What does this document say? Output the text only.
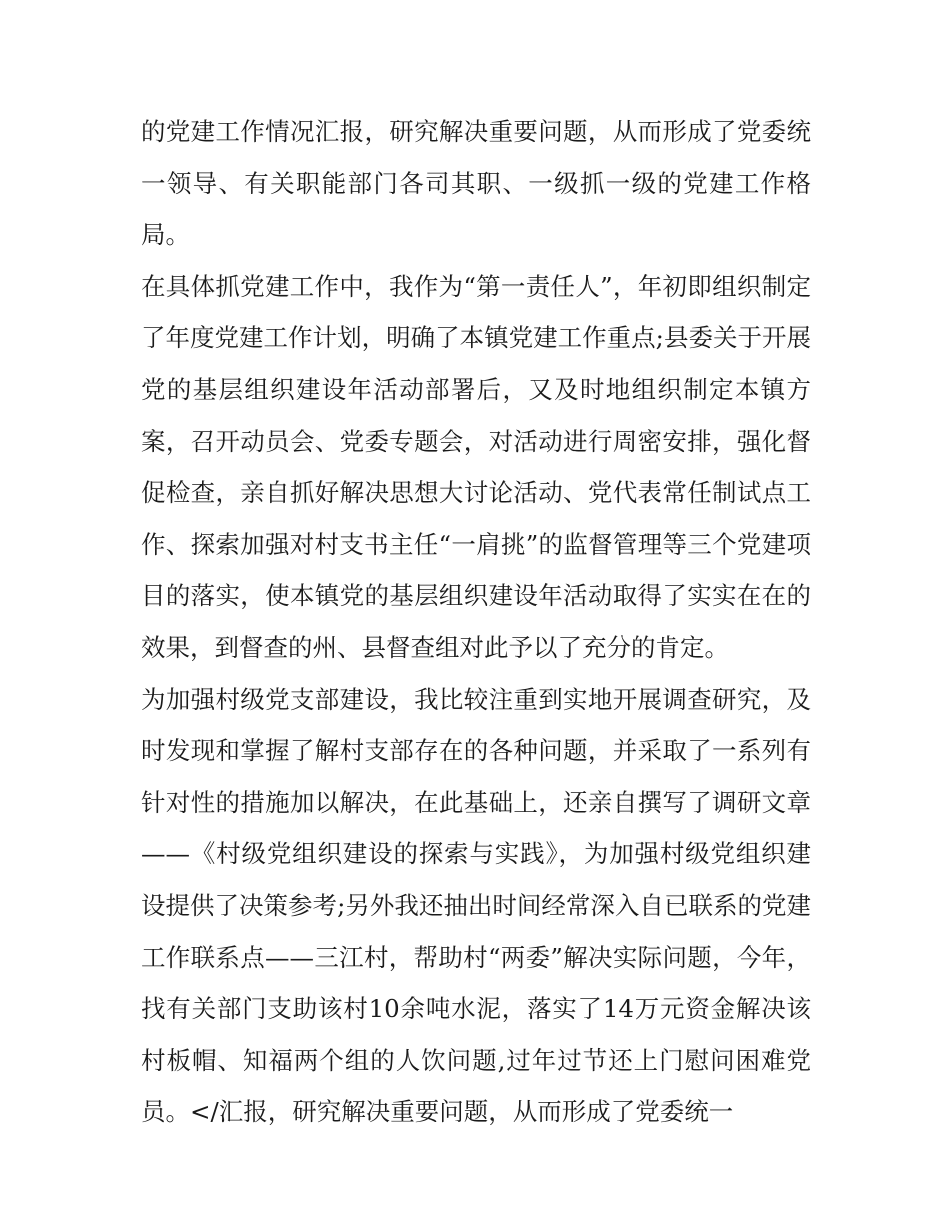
的党建工作情况汇报，研究解决重要问题，从而形成了党委统一领导、有关职能部门各司其职、一级抓一级的党建工作格局。

在具体抓党建工作中，我作为“第一责任人”，年初即组织制定了年度党建工作计划，明确了本镇党建工作重点;县委关于开展党的基层组织建设年活动部署后，又及时地组织制定本镇方案，召开动员会、党委专题会，对活动进行周密安排，强化督促检查，亲自抓好解决思想大讨论活动、党代表常任制试点工作、探索加强对村支书主任“一肩挑”的监督管理等三个党建项目的落实，使本镇党的基层组织建设年活动取得了实实在在的效果，到督查的州、县督查组对此予以了充分的肯定。

为加强村级党支部建设，我比较注重到实地开展调查研究，及时发现和掌握了解村支部存在的各种问题，并采取了一系列有针对性的措施加以解决，在此基础上，还亲自撰写了调研文章——《村级党组织建设的探索与实践》，为加强村级党组织建设提供了决策参考;另外我还抽出时间经常深入自已联系的党建工作联系点——三江村，帮助村“两委”解决实际问题，今年，找有关部门支助该村10余吨水泥，落实了14万元资金解决该村板帽、知福两个组的人饮问题,过年过节还上门慰问困难党员。</汇报，研究解决重要问题，从而形成了党委统一
